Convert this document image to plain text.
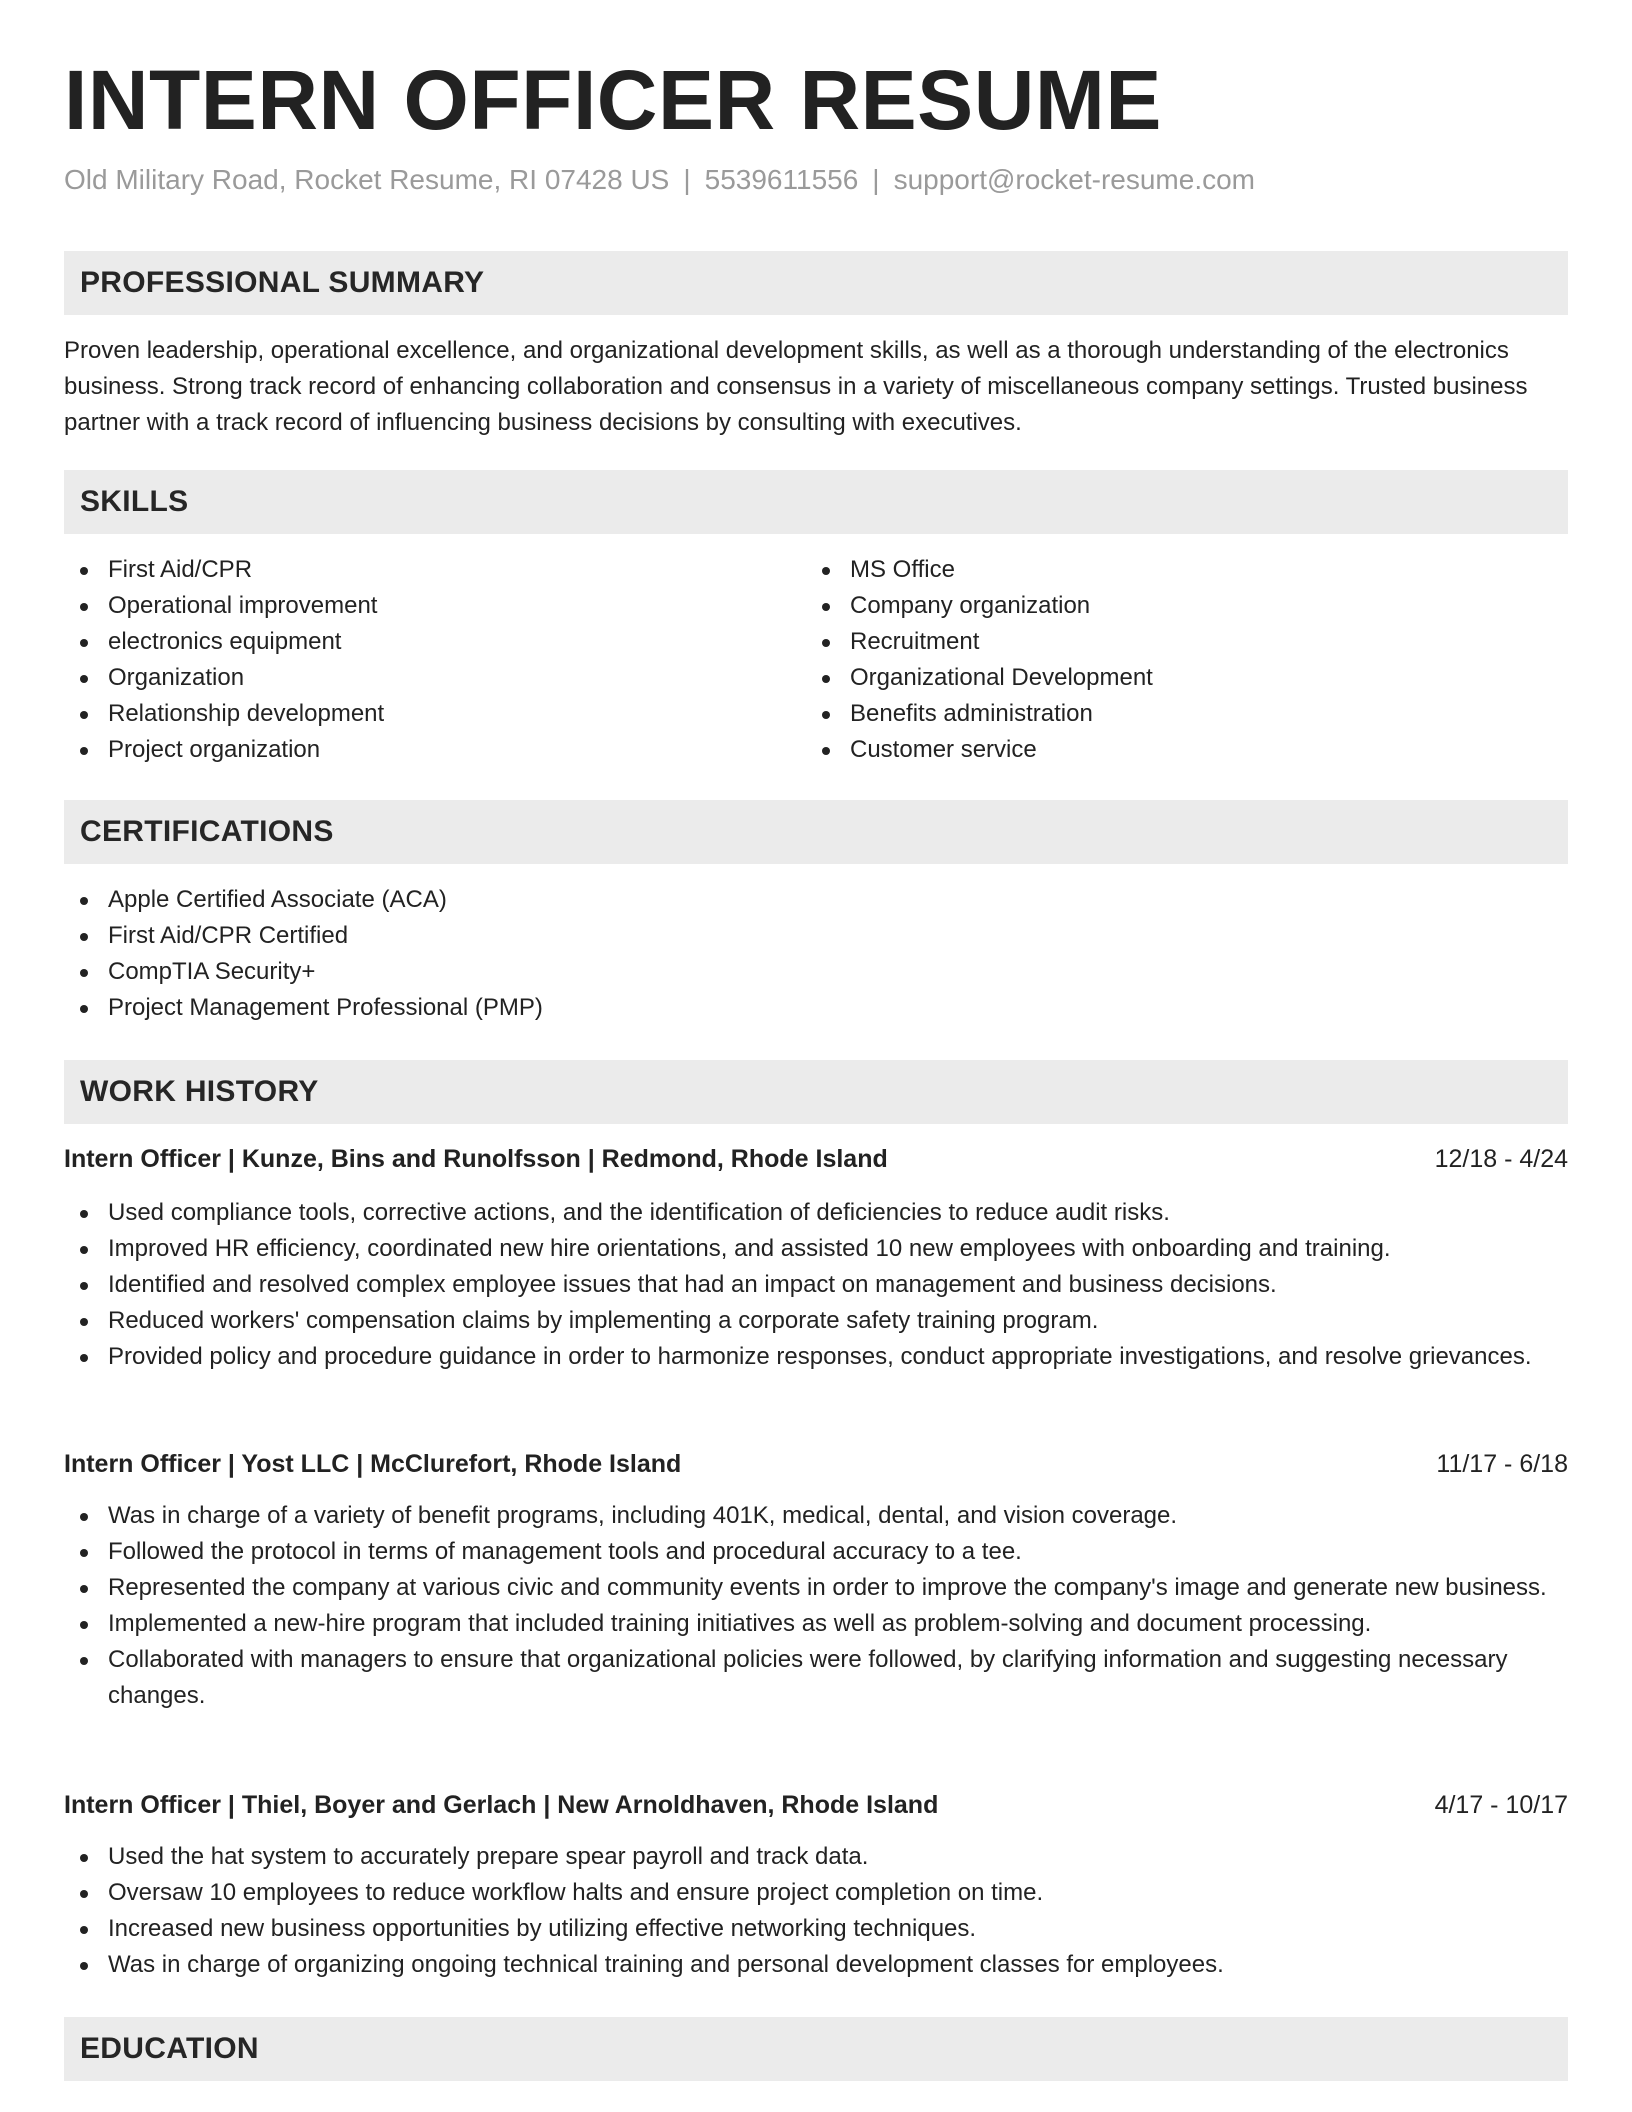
INTERN OFFICER RESUME
Old Military Road, Rocket Resume, RI 07428 US | 5539611556 | support@rocket-resume.com
PROFESSIONAL SUMMARY

Proven leadership, operational excellence, and organizational development skills, as well as a thorough understanding of the electronics business. Strong track record of enhancing collaboration and consensus in a variety of miscellaneous company settings. Trusted business partner with a track record of influencing business decisions by consulting with executives.

SKILLS
First Aid/CPR
Operational improvement
electronics equipment
Organization
Relationship development
Project organization
MS Office
Company organization
Recruitment
Organizational Development
Benefits administration
Customer service
CERTIFICATIONS
Apple Certified Associate (ACA)
First Aid/CPR Certified
CompTIA Security+
Project Management Professional (PMP)
WORK HISTORY
Intern Officer | Kunze, Bins and Runolfsson | Redmond, Rhode Island	12/18 - 4/24
Used compliance tools, corrective actions, and the identification of deficiencies to reduce audit risks.
Improved HR efficiency, coordinated new hire orientations, and assisted 10 new employees with onboarding and training.
Identified and resolved complex employee issues that had an impact on management and business decisions.
Reduced workers' compensation claims by implementing a corporate safety training program.
Provided policy and procedure guidance in order to harmonize responses, conduct appropriate investigations, and resolve grievances.
Intern Officer | Yost LLC | McClurefort, Rhode Island	11/17 - 6/18
Was in charge of a variety of benefit programs, including 401K, medical, dental, and vision coverage.
Followed the protocol in terms of management tools and procedural accuracy to a tee.
Represented the company at various civic and community events in order to improve the company's image and generate new business.
Implemented a new-hire program that included training initiatives as well as problem-solving and document processing.
Collaborated with managers to ensure that organizational policies were followed, by clarifying information and suggesting necessary changes.
Intern Officer | Thiel, Boyer and Gerlach | New Arnoldhaven, Rhode Island	4/17 - 10/17
Used the hat system to accurately prepare spear payroll and track data.
Oversaw 10 employees to reduce workflow halts and ensure project completion on time.
Increased new business opportunities by utilizing effective networking techniques.
Was in charge of organizing ongoing technical training and personal development classes for employees.
EDUCATION
